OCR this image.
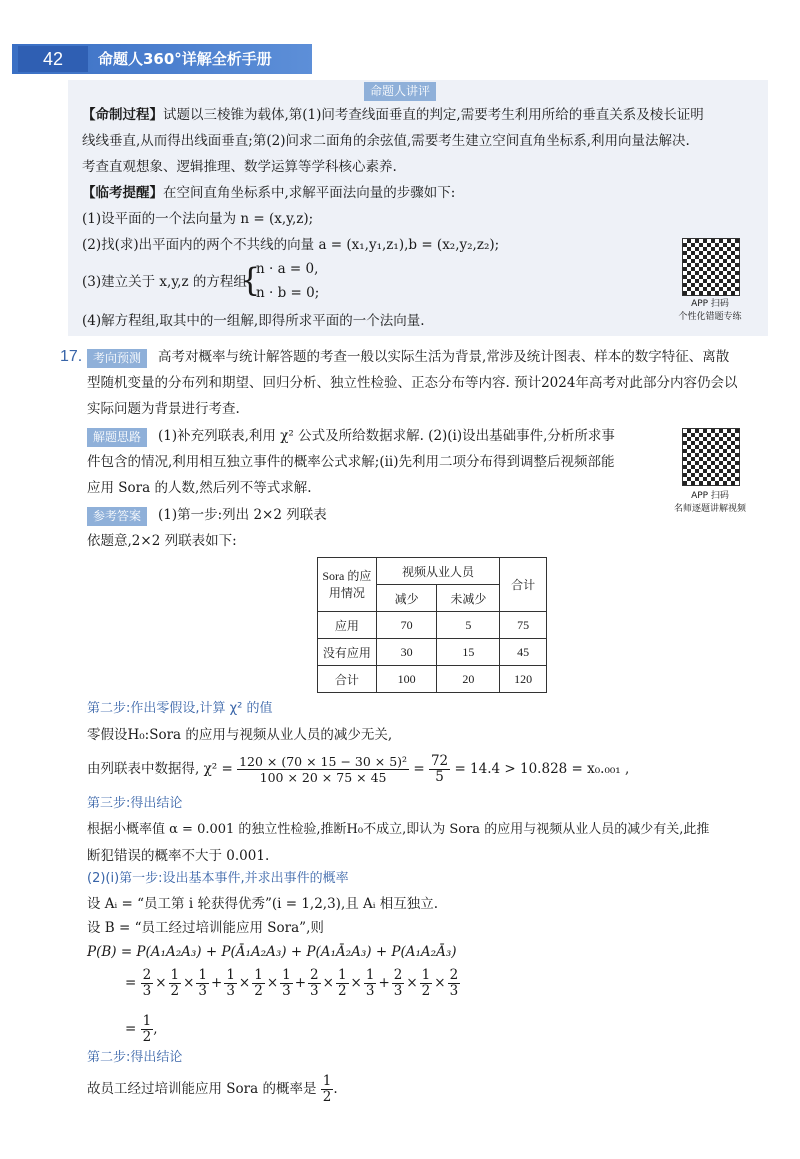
42	命题人360°详解全析手册
命题人讲评
【命制过程】试题以三棱锥为载体,第(1)问考查线面垂直的判定,需要考生利用所给的垂直关系及棱长证明
线线垂直,从而得出线面垂直;第(2)问求二面角的余弦值,需要考生建立空间直角坐标系,利用向量法解决.
考查直观想象、逻辑推理、数学运算等学科核心素养.
【临考提醒】在空间直角坐标系中,求解平面法向量的步骤如下:
(1)设平面的一个法向量为 n = (x,y,z);
(2)找(求)出平面内的两个不共线的向量 a = (x₁,y₁,z₁),b = (x₂,y₂,z₂);
(3)建立关于 x,y,z 的方程组
{
n · a = 0,
n · b = 0;
(4)解方程组,取其中的一组解,即得所求平面的一个法向量.
APP 扫码
个性化错题专练
17. 考向预测	高考对概率与统计解答题的考查一般以实际生活为背景,常涉及统计图表、样本的数字特征、离散
型随机变量的分布列和期望、回归分析、独立性检验、正态分布等内容. 预计2024年高考对此部分内容仍会以
实际问题为背景进行考查.
解题思路	(1)补充列联表,利用 χ² 公式及所给数据求解. (2)(i)设出基础事件,分析所求事
件包含的情况,利用相互独立事件的概率公式求解;(ii)先利用二项分布得到调整后视频部能
应用 Sora 的人数,然后列不等式求解.	APP 扫码
名师逐题讲解视频
参考答案	(1)第一步:列出 2×2 列联表
依题意,2×2 列联表如下:
Sora 的应
用情况	视频从业人员		合计
	减少	未减少	
应用	70	5	75
没有应用	30	15	45
合计	100	20	120
第二步:作出零假设,计算 χ² 的值
零假设H₀:Sora 的应用与视频从业人员的减少无关,
由列联表中数据得, $\chi^2 = \frac{\text{120 × (70 × 15 − 30 × 5)²}}{100 \times 20 \times 75 \times 45} = \frac{72}{5} = 14.4 > 10.828 = x_0._{001}$ ,
第三步:得出结论
根据小概率值 α = 0.001 的独立性检验,推断H₀不成立,即认为 Sora 的应用与视频从业人员的减少有关,此推
断犯错误的概率不大于 0.001.
(2)(i)第一步:设出基本事件,并求出事件的概率
设 Aᵢ = “员工第 i 轮获得优秀”(i = 1,2,3),且 Aᵢ 相互独立.
设 B = “员工经过培训能应用 Sora”,则
P(B) = P(A₁A₂A₃) + P(Ā₁A₂A₃) + P(A₁Ā₂A₃) + P(A₁A₂Ā₃)
= $\frac{2}{3} \times \frac{1}{2} \times \frac{1}{3} + \frac{1}{3} \times \frac{1}{2} \times \frac{1}{3} + \frac{2}{3} \times \frac{1}{2} \times \frac{1}{3} + \frac{2}{3} \times \frac{1}{2} \times \frac{2}{3}$
= $\frac{1}{2}$ ,
第二步:得出结论
故员工经过培训能应用 Sora 的概率是 $\frac{1}{2}$ .
